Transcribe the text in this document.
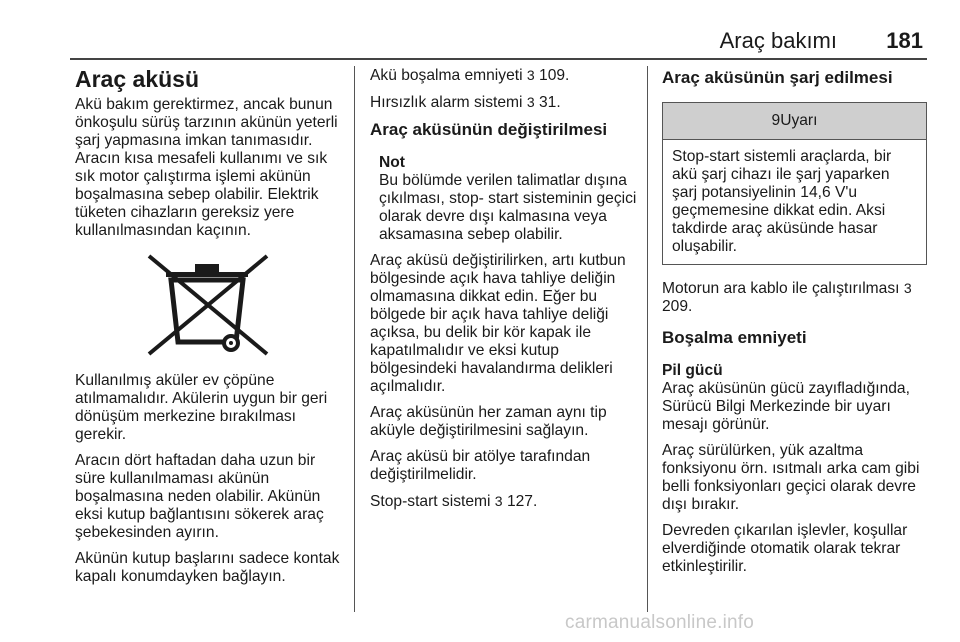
Araç bakımı 181
Araç aküsü

Akü bakım gerektirmez, ancak bunun önkoşulu sürüş tarzının akünün yeterli şarj yapmasına imkan tanımasıdır. Aracın kısa mesafeli kullanımı ve sık sık motor çalıştırma işlemi akünün boşalmasına sebep olabilir. Elektrik tüketen cihazların gereksiz yere kullanılmasından kaçının.

Kullanılmış aküler ev çöpüne atılmamalıdır. Akülerin uygun bir geri dönüşüm merkezine bırakılması gerekir.

Aracın dört haftadan daha uzun bir süre kullanılmaması akünün boşalmasına neden olabilir. Akünün eksi kutup bağlantısını sökerek araç şebekesinden ayırın.

Akünün kutup başlarını sadece kontak kapalı konumdayken bağlayın.

Akü boşalma emniyeti 3 109.

Hırsızlık alarm sistemi 3 31.

Araç aküsünün değiştirilmesi
Not
Bu bölümde verilen talimatlar dışına çıkılması, stop- start sisteminin geçici olarak devre dışı kalmasına veya aksamasına sebep olabilir.

Araç aküsü değiştirilirken, artı kutbun bölgesinde açık hava tahliye deliğin olmamasına dikkat edin. Eğer bu bölgede bir açık hava tahliye deliği açıksa, bu delik bir kör kapak ile kapatılmalıdır ve eksi kutup bölgesindeki havalandırma delikleri açılmalıdır.

Araç aküsünün her zaman aynı tip aküyle değiştirilmesini sağlayın.

Araç aküsü bir atölye tarafından değiştirilmelidir.

Stop-start sistemi 3 127.

Araç aküsünün şarj edilmesi
9Uyarı
Stop-start sistemli araçlarda, bir akü şarj cihazı ile şarj yaparken şarj potansiyelinin 14,6 V'u geçmemesine dikkat edin. Aksi takdirde araç aküsünde hasar oluşabilir.

Motorun ara kablo ile çalıştırılması 3 209.

Boşalma emniyeti
Pil gücü

Araç aküsünün gücü zayıfladığında, Sürücü Bilgi Merkezinde bir uyarı mesajı görünür.

Araç sürülürken, yük azaltma fonksiyonu örn. ısıtmalı arka cam gibi belli fonksiyonları geçici olarak devre dışı bırakır.

Devreden çıkarılan işlevler, koşullar elverdiğinde otomatik olarak tekrar etkinleştirilir.

carmanualsonline.info
